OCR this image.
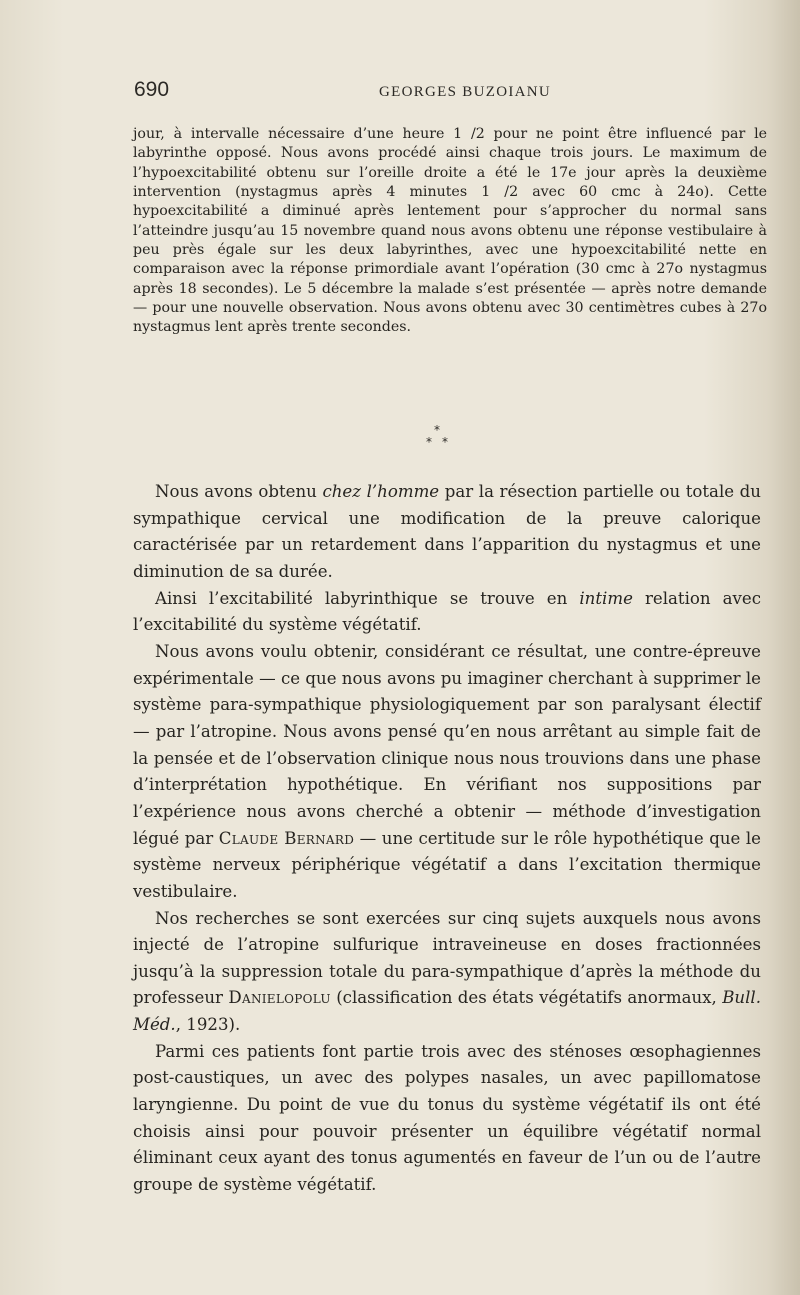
690	GEORGES BUZOIANU

jour, à intervalle nécessaire d’une heure 1 /2 pour ne point être influencé par le labyrinthe opposé. Nous avons procédé ainsi chaque trois jours. Le maximum de l’hypoexcitabilité obtenu sur l’oreille droite a été le 17e jour après la deuxième intervention (nystagmus après 4 minutes 1 /2 avec 60 cmc à 24o). Cette hypoexcitabilité a diminué après lentement pour s’approcher du normal sans l’atteindre jusqu’au 15 novembre quand nous avons obtenu une réponse vestibulaire à peu près égale sur les deux labyrinthes, avec une hypoexcitabilité nette en comparaison avec la réponse primordiale avant l’opération (30 cmc à 27o nystagmus après 18 secondes). Le 5 décembre la malade s’est présentée — après notre demande — pour une nouvelle observation. Nous avons obtenu avec 30 centimètres cubes à 27o nystagmus lent après trente secondes.

*
* *

Nous avons obtenu chez l’homme par la résection partielle ou totale du sympathique cervical une modification de la preuve calorique caractérisée par un retardement dans l’apparition du nystagmus et une diminution de sa durée.

Ainsi l’excitabilité labyrinthique se trouve en intime relation avec l’excitabilité du système végétatif.

Nous avons voulu obtenir, considérant ce résultat, une contre-épreuve expérimentale — ce que nous avons pu imaginer cherchant à supprimer le système para-sympathique physiologiquement par son paralysant électif — par l’atropine. Nous avons pensé qu’en nous arrêtant au simple fait de la pensée et de l’observation clinique nous nous trouvions dans une phase d’interprétation hypothétique. En vérifiant nos suppositions par l’expérience nous avons cherché a obtenir — méthode d’investigation légué par Claude Bernard — une certitude sur le rôle hypothétique que le système nerveux périphérique végétatif a dans l’excitation thermique vestibulaire.

Nos recherches se sont exercées sur cinq sujets auxquels nous avons injecté de l’atropine sulfurique intraveineuse en doses fractionnées jusqu’à la suppression totale du para-sympathique d’après la méthode du professeur Danielopolu (classification des états végétatifs anormaux, Bull. Méd., 1923).

Parmi ces patients font partie trois avec des sténoses œsophagiennes post-caustiques, un avec des polypes nasales, un avec papillomatose laryngienne. Du point de vue du tonus du système végétatif ils ont été choisis ainsi pour pouvoir présenter un équilibre végétatif normal éliminant ceux ayant des tonus agumentés en faveur de l’un ou de l’autre groupe de système végétatif.
